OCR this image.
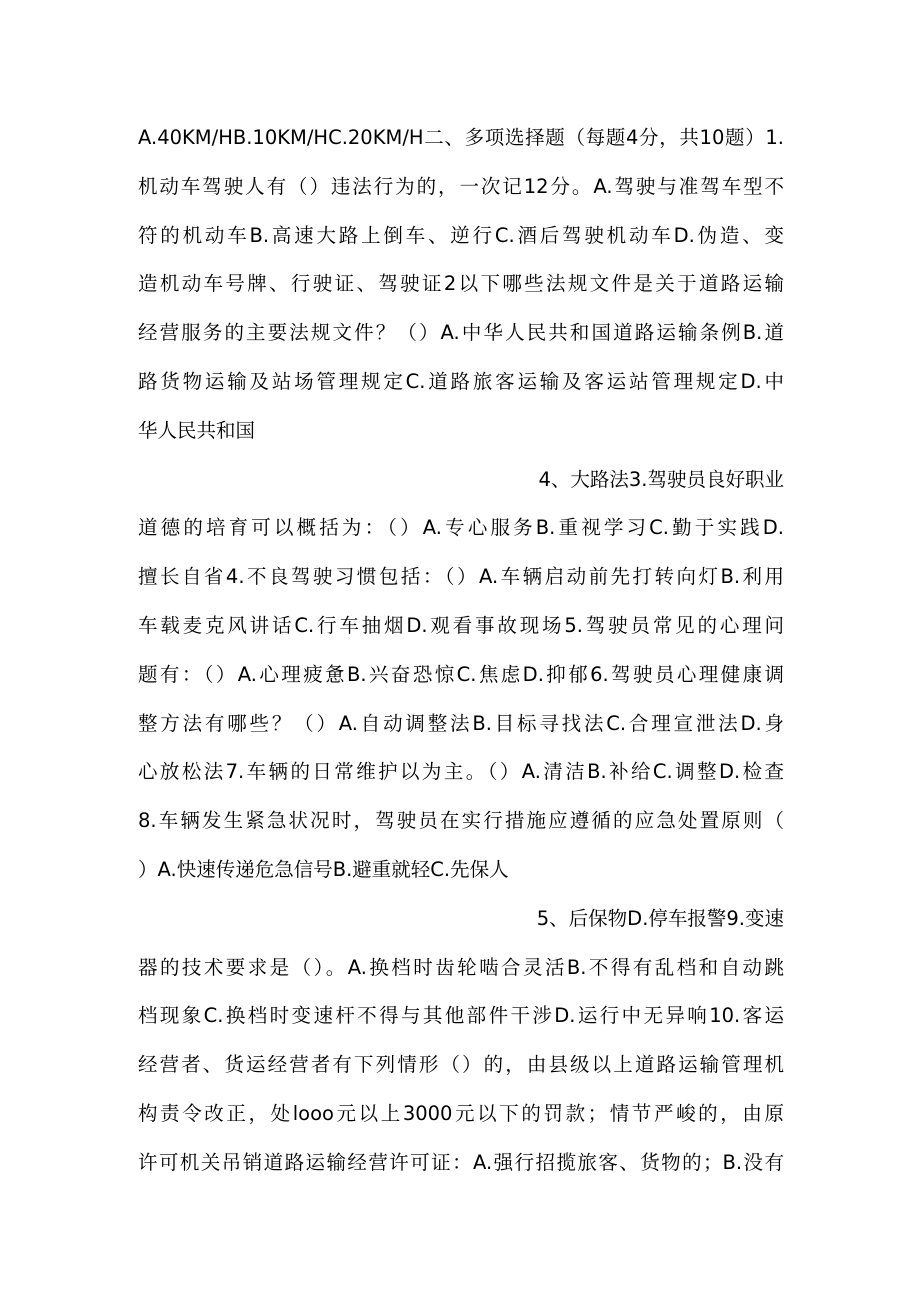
A.40KM/HB.10KM/HC.20KM/H二、多项选择题（每题4分，共10题）1.
机动车驾驶人有（）违法行为的，一次记12分。A.驾驶与准驾车型不
符的机动车B.高速大路上倒车、逆行C.酒后驾驶机动车D.伪造、变
造机动车号牌、行驶证、驾驶证2以下哪些法规文件是关于道路运输
经营服务的主要法规文件？（）A.中华人民共和国道路运输条例B.道
路货物运输及站场管理规定C.道路旅客运输及客运站管理规定D.中
华人民共和国
4、大路法3.驾驶员良好职业
道德的培育可以概括为：（）A.专心服务B.重视学习C.勤于实践D.
擅长自省4.不良驾驶习惯包括：（）A.车辆启动前先打转向灯B.利用
车载麦克风讲话C.行车抽烟D.观看事故现场5.驾驶员常见的心理问
题有：（）A.心理疲惫B.兴奋恐惊C.焦虑D.抑郁6.驾驶员心理健康调
整方法有哪些？（）A.自动调整法B.目标寻找法C.合理宣泄法D.身
心放松法7.车辆的日常维护以为主。（）A.清洁B.补给C.调整D.检查
8.车辆发生紧急状况时，驾驶员在实行措施应遵循的应急处置原则（
）A.快速传递危急信号B.避重就轻C.先保人
5、后保物D.停车报警9.变速
器的技术要求是（）。A.换档时齿轮啮合灵活B.不得有乱档和自动跳
档现象C.换档时变速杆不得与其他部件干涉D.运行中无异响10.客运
经营者、货运经营者有下列情形（）的，由县级以上道路运输管理机
构责令改正，处looo元以上3000元以下的罚款；情节严峻的，由原
许可机关吊销道路运输经营许可证：A.强行招揽旅客、货物的；B.没有
